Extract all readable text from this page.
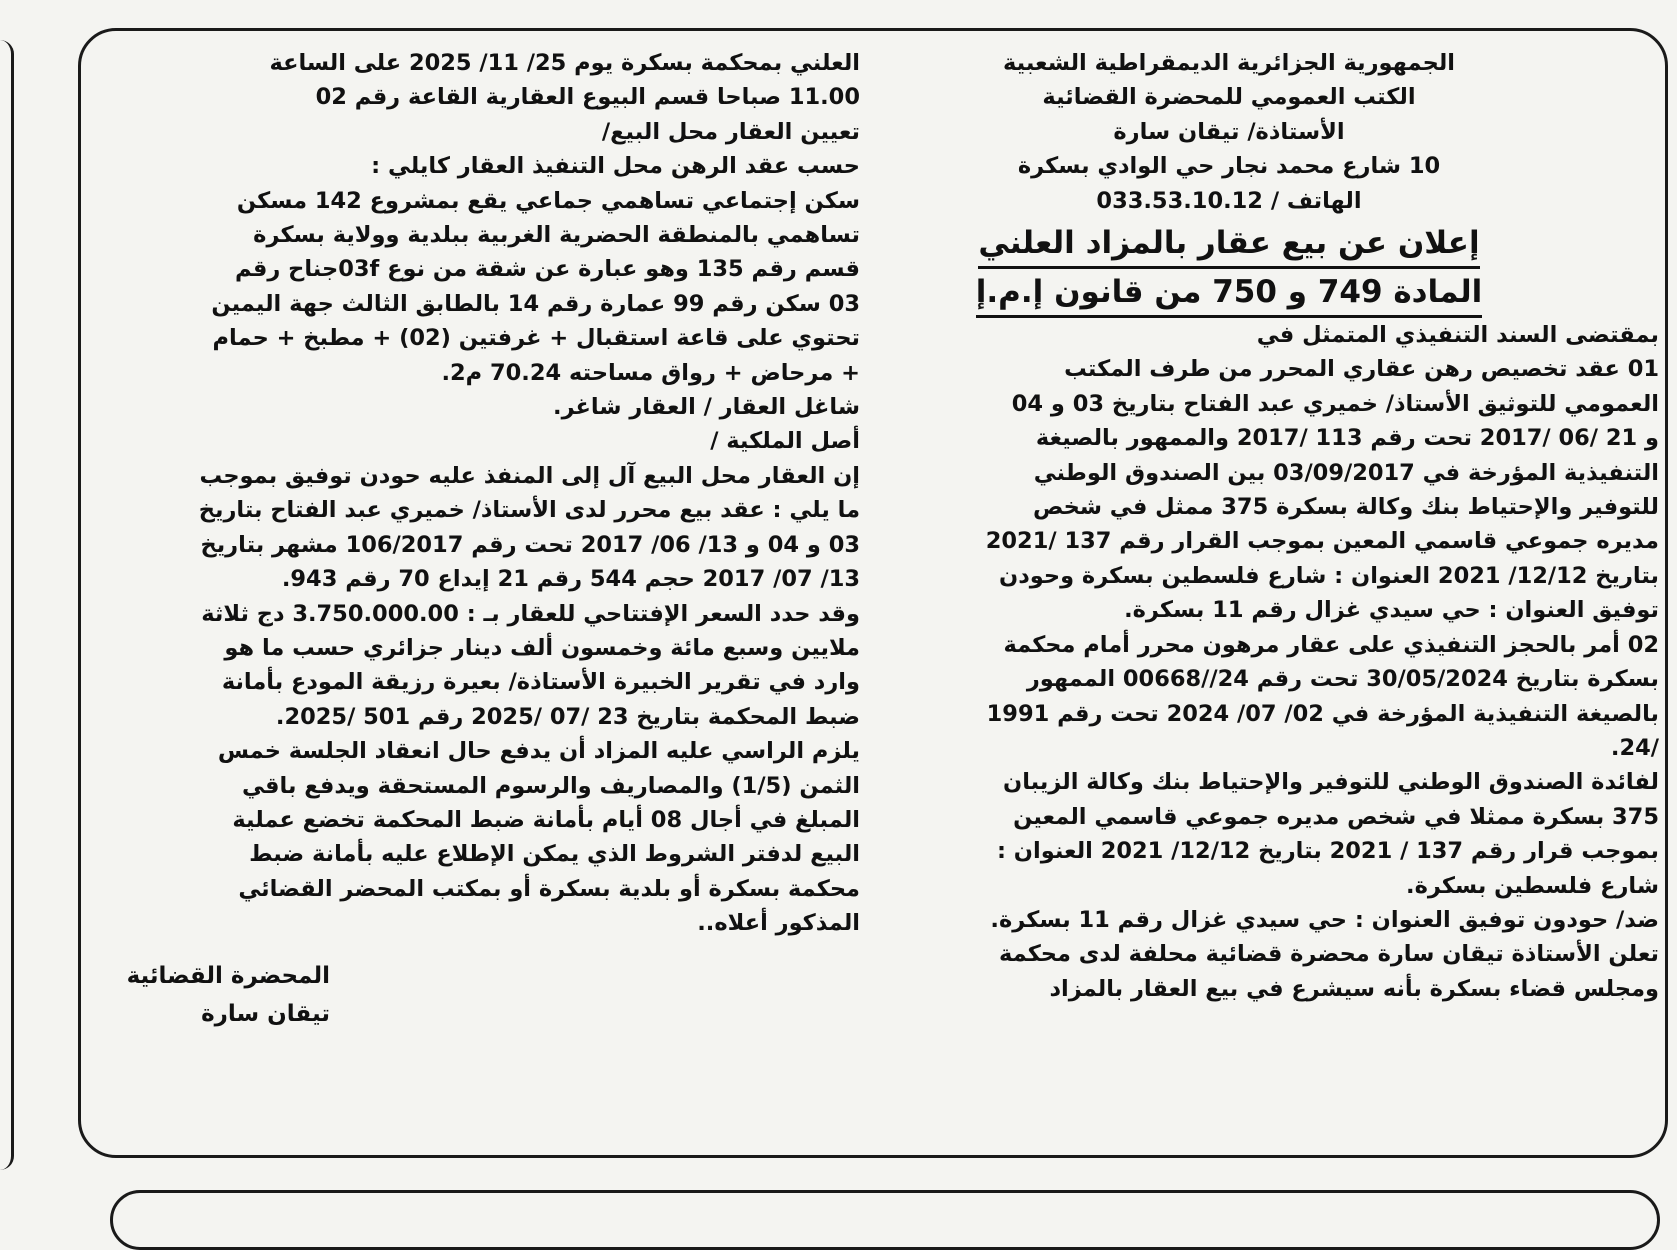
الجمهورية الجزائرية الديمقراطية الشعبية
الكتب العمومي للمحضرة القضائية
الأستاذة/ تيقان سارة
10 شارع محمد نجار حي الوادي بسكرة
الهاتف / 033.53.10.12
إعلان عن بيع عقار بالمزاد العلني
المادة 749 و 750 من قانون إ.م.إ
بمقتضى السند التنفيذي المتمثل في
01 عقد تخصيص رهن عقاري المحرر من طرف المكتب
العمومي للتوثيق الأستاذ/ خميري عبد الفتاح بتاريخ 03 و 04
و 21 /06 /2017 تحت رقم 113 /2017 والممهور بالصيغة
التنفيذية المؤرخة في 03/09/2017 بين الصندوق الوطني
للتوفير والإحتياط بنك وكالة بسكرة 375 ممثل في شخص
مديره جموعي قاسمي المعين بموجب القرار رقم 137 /2021
بتاريخ 12/12/ 2021 العنوان : شارع فلسطين بسكرة وحودن
توفيق العنوان : حي سيدي غزال رقم 11 بسكرة.
02 أمر بالحجز التنفيذي على عقار مرهون محرر أمام محكمة
بسكرة بتاريخ 30/05/2024 تحت رقم 24//00668 الممهور
بالصيغة التنفيذية المؤرخة في 02/ 07/ 2024 تحت رقم 1991
/24.
لفائدة الصندوق الوطني للتوفير والإحتياط بنك وكالة الزيبان
375 بسكرة ممثلا في شخص مديره جموعي قاسمي المعين
بموجب قرار رقم 137 / 2021 بتاريخ 12/12/ 2021 العنوان :
شارع فلسطين بسكرة.
ضد/ حودون توفيق العنوان : حي سيدي غزال رقم 11 بسكرة.
تعلن الأستاذة تيقان سارة محضرة قضائية محلفة لدى محكمة
ومجلس قضاء بسكرة بأنه سيشرع في بيع العقار بالمزاد
العلني بمحكمة بسكرة يوم 25/ 11/ 2025 على الساعة
11.00 صباحا قسم البيوع العقارية القاعة رقم 02
تعيين العقار محل البيع/
حسب عقد الرهن محل التنفيذ العقار كايلي :
سكن إجتماعي تساهمي جماعي يقع بمشروع 142 مسكن
تساهمي بالمنطقة الحضرية الغربية ببلدية وولاية بسكرة
قسم رقم 135 وهو عبارة عن شقة من نوع 03fجناح رقم
03 سكن رقم 99 عمارة رقم 14 بالطابق الثالث جهة اليمين
تحتوي على قاعة استقبال + غرفتين (02) + مطبخ + حمام
+ مرحاض + رواق مساحته 70.24 م2.
شاغل العقار / العقار شاغر.
أصل الملكية /
إن العقار محل البيع آل إلى المنفذ عليه حودن توفيق بموجب
ما يلي : عقد بيع محرر لدى الأستاذ/ خميري عبد الفتاح بتاريخ
03 و 04 و 13/ 06/ 2017 تحت رقم 106/2017 مشهر بتاريخ
13/ 07/ 2017 حجم 544 رقم 21 إيداع 70 رقم 943.
وقد حدد السعر الإفتتاحي للعقار بـ : 3.750.000.00 دج ثلاثة
ملايين وسبع مائة وخمسون ألف دينار جزائري حسب ما هو
وارد في تقرير الخبيرة الأستاذة/ بعيرة رزيقة المودع بأمانة
ضبط المحكمة بتاريخ 23 /07 /2025 رقم 501 /2025.
يلزم الراسي عليه المزاد أن يدفع حال انعقاد الجلسة خمس
الثمن (1/5) والمصاريف والرسوم المستحقة ويدفع باقي
المبلغ في أجال 08 أيام بأمانة ضبط المحكمة تخضع عملية
البيع لدفتر الشروط الذي يمكن الإطلاع عليه بأمانة ضبط
محكمة بسكرة أو بلدية بسكرة أو بمكتب المحضر القضائي
المذكور أعلاه..
المحضرة القضائية
تيقان سارة
